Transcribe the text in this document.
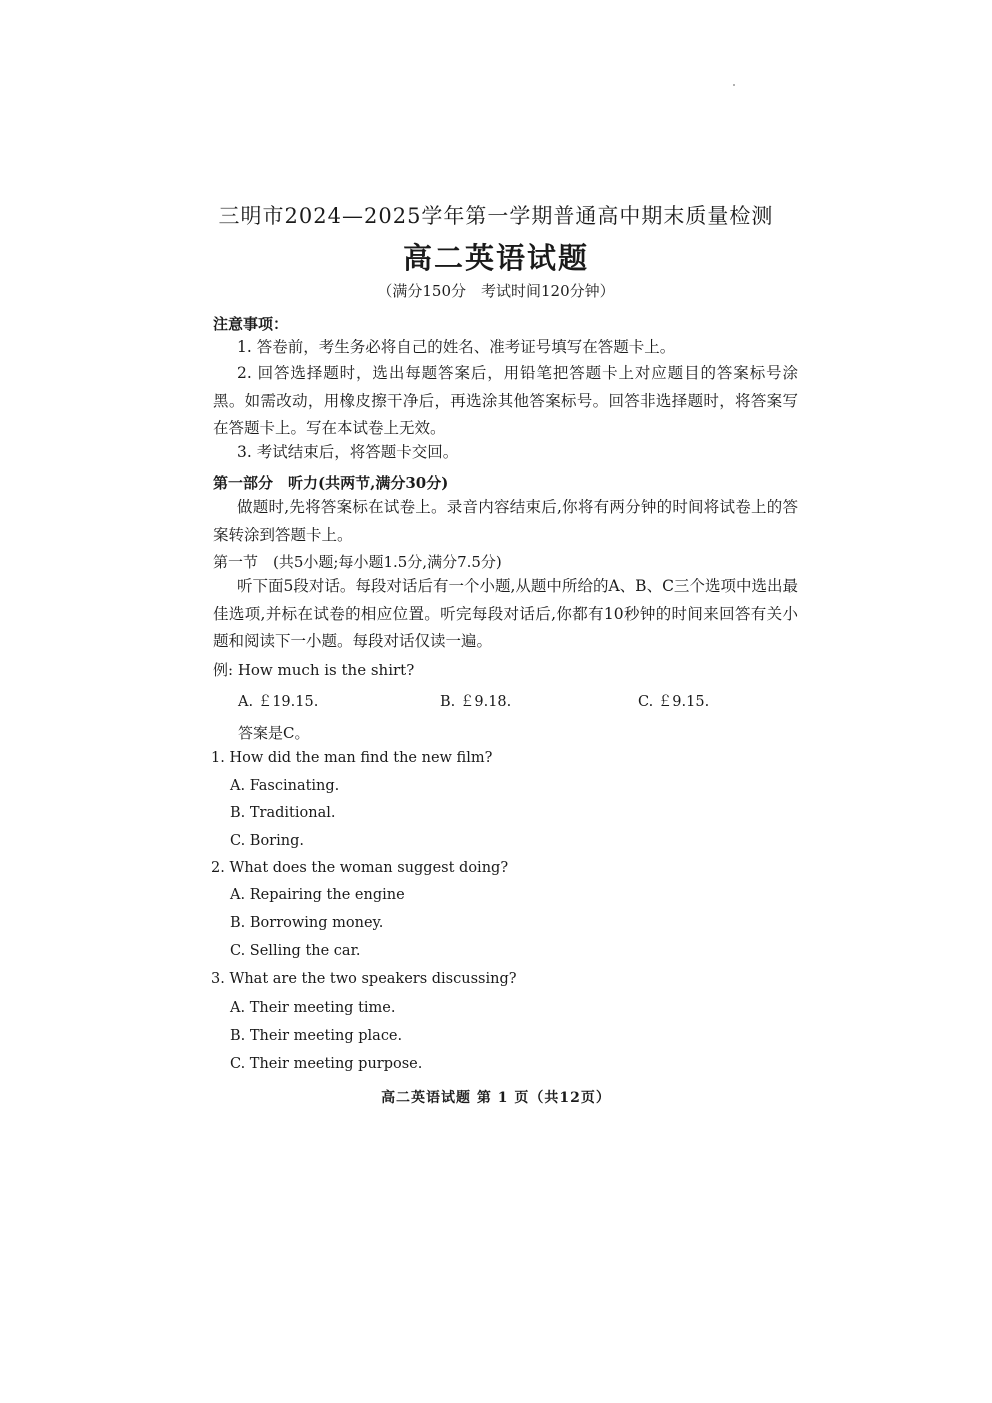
三明市2024—2025学年第一学期普通高中期末质量检测
高二英语试题
（满分150分　考试时间120分钟）
注意事项：
1. 答卷前，考生务必将自己的姓名、准考证号填写在答题卡上。
2. 回答选择题时，选出每题答案后，用铅笔把答题卡上对应题目的答案标号涂黑。如需改动，用橡皮擦干净后，再选涂其他答案标号。回答非选择题时，将答案写在答题卡上。写在本试卷上无效。
3. 考试结束后，将答题卡交回。
第一部分　听力(共两节,满分30分)
做题时,先将答案标在试卷上。录音内容结束后,你将有两分钟的时间将试卷上的答案转涂到答题卡上。
第一节　(共5小题;每小题1.5分,满分7.5分)
听下面5段对话。每段对话后有一个小题,从题中所给的A、B、C三个选项中选出最佳选项,并标在试卷的相应位置。听完每段对话后,你都有10秒钟的时间来回答有关小题和阅读下一小题。每段对话仅读一遍。
例: How much is the shirt?
A. ￡19.15.	B. ￡9.18.	C. ￡9.15.
答案是C。
1. How did the man find the new film?
A. Fascinating.
B. Traditional.
C. Boring.
2. What does the woman suggest doing?
A. Repairing the engine
B. Borrowing money.
C. Selling the car.
3. What are the two speakers discussing?
A. Their meeting time.
B. Their meeting place.
C. Their meeting purpose.
高二英语试题 第 1 页（共12页）
